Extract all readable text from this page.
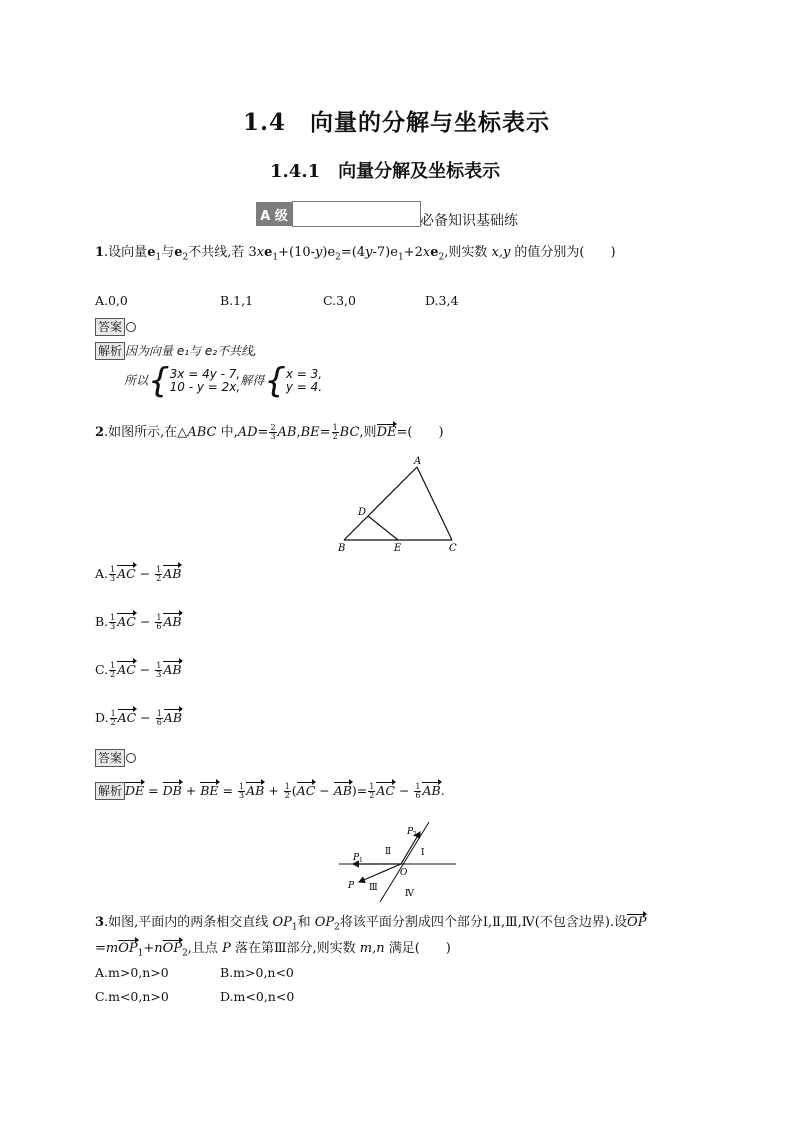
1.4　向量的分解与坐标表示
1.4.1　向量分解及坐标表示
A 级	必备知识基础练
1.设向量$e_1$与$e_2$不共线,若 $3xe_1+(10-y)e_2=(4y-7)e_1+2xe_2$,则实数 x,y 的值分别为(　　)
A.0,0	B.1,1	C.3,0	D.3,4
答案
解析 因为向量 e₁与 e₂不共线,
所以{3x = 4y - 7,
10 - y = 2x,解得{x = 3,
y = 4.
2.如图所示,在△ABC 中$,AD= \frac{2}{3} AB,BE= \frac{1}{2}$ BC,则DE=(　　)
A
D
B	E	C
A. $\frac{1}{3}$ AC − $\frac{1}{2}$ AB
B. $\frac{1}{3}$ AC − $\frac{1}{6}$ AB
C. $\frac{1}{2}$ AC − $\frac{1}{3}$ AB
D. $\frac{1}{2}$ AC − $\frac{1}{6}$ AB
答案
解析 DE = DB + BE = $\frac{1}{3}$ AB + $\frac{1}{2} (AC - AB)= \frac{1}{2}$ AC − $\frac{1}{6}$ AB.
P 2
P 1
P
O
Ⅰ
Ⅱ
Ⅲ
Ⅳ
3.如图,平面内的两条相交直线 $OP_1$和 $OP_2$将该平面分割成四个部分Ⅰ,Ⅱ,Ⅲ,Ⅳ(不包含边界).设OP
=mOP$_1$+nOP$_2$,且点 P 落在第Ⅲ部分,则实数 m,n 满足(　　)
A.m>0,n>0	B.m>0,n<0
C.m<0,n>0	D.m<0,n<0
